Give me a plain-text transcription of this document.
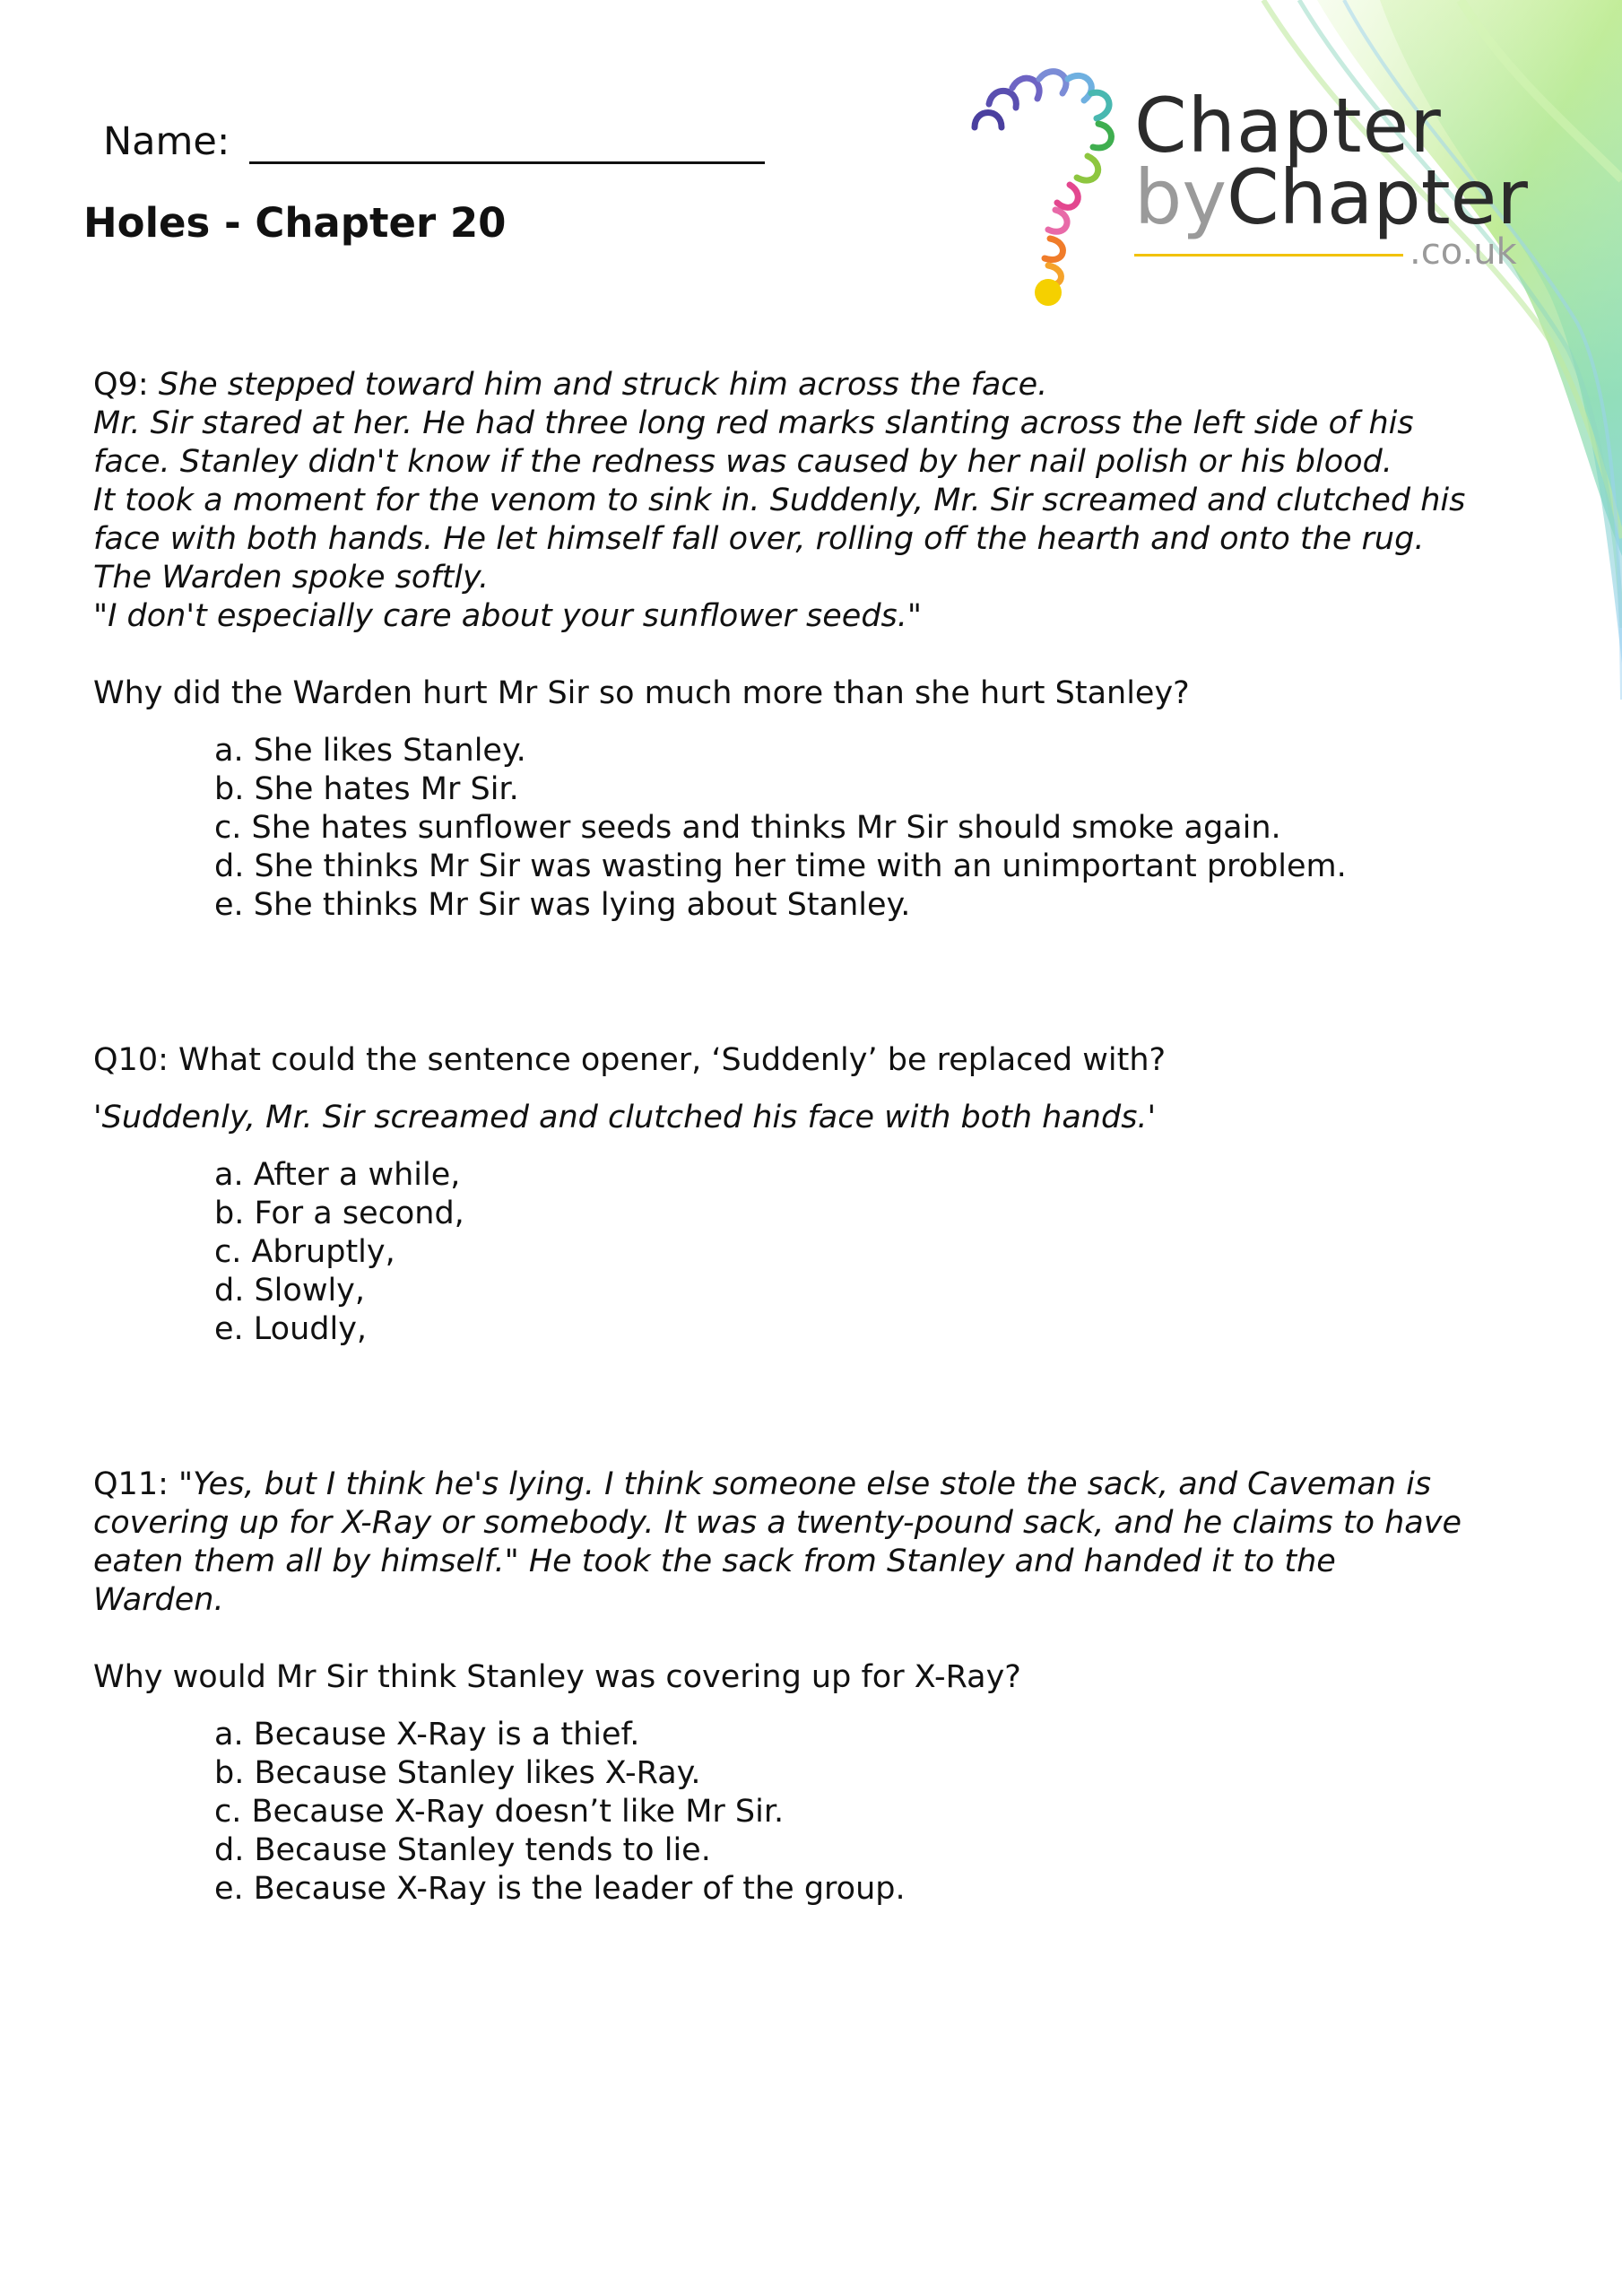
Name:
Holes - Chapter 20
Chapter
byChapter
.co.uk
Q9: She stepped toward him and struck him across the face.
Mr. Sir stared at her. He had three long red marks slanting across the left side of his
face. Stanley didn't know if the redness was caused by her nail polish or his blood.
It took a moment for the venom to sink in. Suddenly, Mr. Sir screamed and clutched his
face with both hands. He let himself fall over, rolling off the hearth and onto the rug.
The Warden spoke softly.
"I don't especially care about your sunflower seeds."
Why did the Warden hurt Mr Sir so much more than she hurt Stanley?
a. She likes Stanley.
b. She hates Mr Sir.
c. She hates sunflower seeds and thinks Mr Sir should smoke again.
d. She thinks Mr Sir was wasting her time with an unimportant problem.
e. She thinks Mr Sir was lying about Stanley.
Q10: What could the sentence opener, ‘Suddenly’ be replaced with?
'Suddenly, Mr. Sir screamed and clutched his face with both hands.'
a. After a while,
b. For a second,
c. Abruptly,
d. Slowly,
e. Loudly,
Q11: "Yes, but I think he's lying. I think someone else stole the sack, and Caveman is
covering up for X-Ray or somebody. It was a twenty-pound sack, and he claims to have
eaten them all by himself." He took the sack from Stanley and handed it to the
Warden.
Why would Mr Sir think Stanley was covering up for X-Ray?
a. Because X-Ray is a thief.
b. Because Stanley likes X-Ray.
c. Because X-Ray doesn’t like Mr Sir.
d. Because Stanley tends to lie.
e. Because X-Ray is the leader of the group.
